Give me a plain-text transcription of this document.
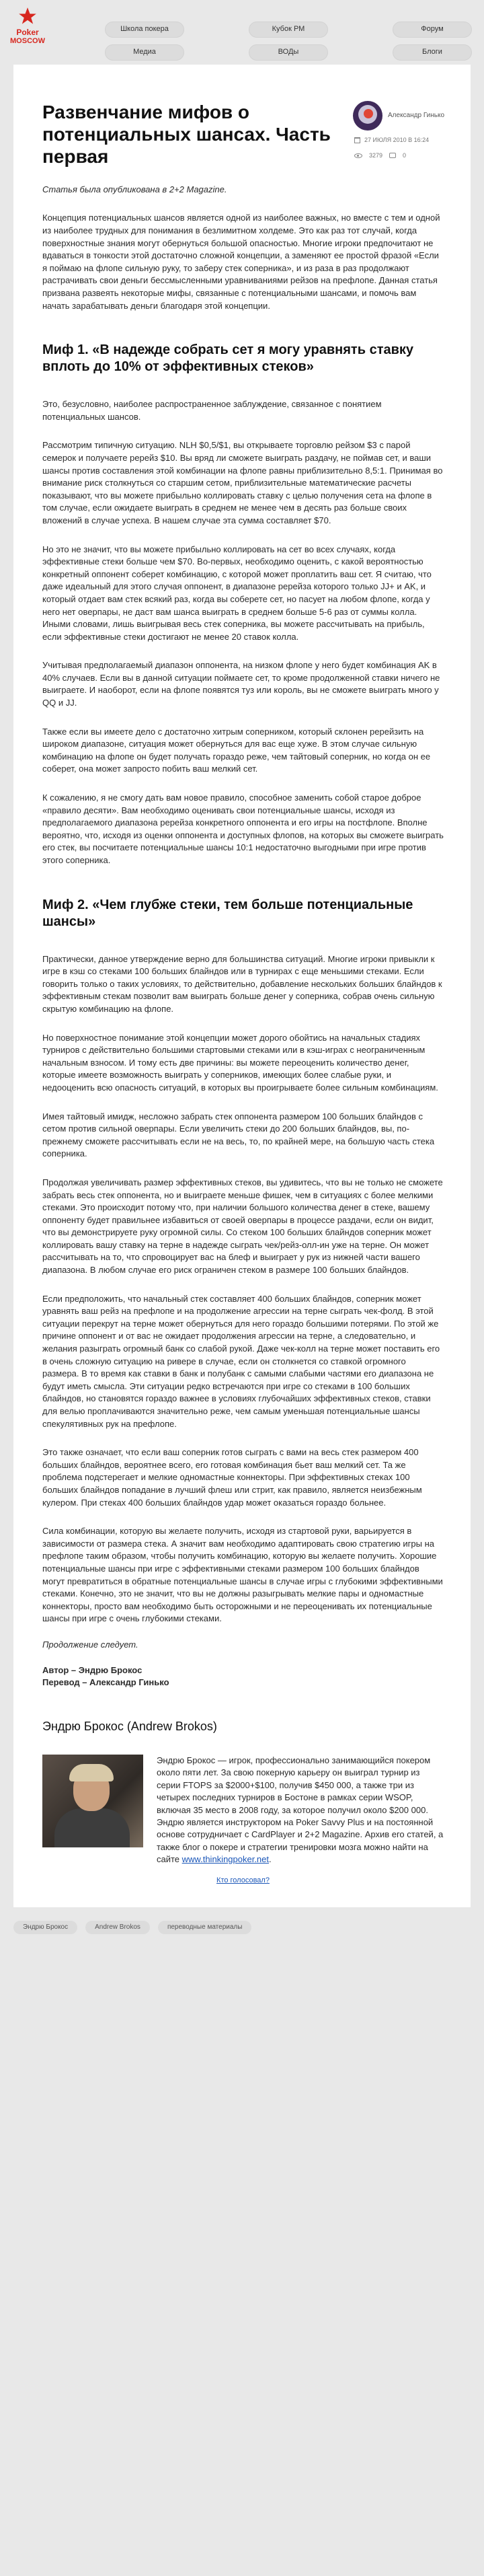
Poker
MOSCOW
Школа покера	Кубок РМ	Форум
Медиа	ВОДы	Блоги
Развенчание мифов о потенциальных шансах. Часть первая
Александр Гинько
27 ИЮЛЯ 2010 В 16:24
3279	0

Статья была опубликована в 2+2 Magazine.

Концепция потенциальных шансов является одной из наиболее важных, но вместе с тем и одной из наиболее трудных для понимания в безлимитном холдеме. Это как раз тот случай, когда поверхностные знания могут обернуться большой опасностью. Многие игроки предпочитают не вдаваться в тонкости этой достаточно сложной концепции, а заменяют ее простой фразой «Если я поймаю на флопе сильную руку, то заберу стек соперника», и из раза в раз продолжают растрачивать свои деньги бессмысленными уравниваниями рейзов на префлопе. Данная статья призвана развеять некоторые мифы, связанные с потенциальными шансами, и помочь вам начать зарабатывать деньги благодаря этой концепции.

Миф 1. «В надежде собрать сет я могу уравнять ставку вплоть до 10% от эффективных стеков»

Это, безусловно, наиболее распространенное заблуждение, связанное с понятием потенциальных шансов.

Рассмотрим типичную ситуацию. NLH $0,5/$1, вы открываете торговлю рейзом $3 с парой семерок и получаете ререйз $10. Вы вряд ли сможете выиграть раздачу, не поймав сет, и ваши шансы против составления этой комбинации на флопе равны приблизительно 8,5:1. Принимая во внимание риск столкнуться со старшим сетом, приблизительные математические расчеты показывают, что вы можете прибыльно коллировать ставку с целью получения сета на флопе в том случае, если ожидаете выиграть в среднем не менее чем в десять раз больше своих вложений в случае успеха. В нашем случае эта сумма составляет $70.

Но это не значит, что вы можете прибыльно коллировать на сет во всех случаях, когда эффективные стеки больше чем $70. Во-первых, необходимо оценить, с какой вероятностью конкретный оппонент соберет комбинацию, с которой может проплатить ваш сет. Я считаю, что даже идеальный для этого случая оппонент, в диапазоне ререйза которого только JJ+ и AK, и который отдает вам стек всякий раз, когда вы соберете сет, но пасует на любом флопе, когда у него нет оверпары, не даст вам шанса выиграть в среднем больше 5-6 раз от суммы колла. Иными словами, лишь выигрывая весь стек соперника, вы можете рассчитывать на прибыль, если эффективные стеки достигают не менее 20 ставок колла.

Учитывая предполагаемый диапазон оппонента, на низком флопе у него будет комбинация AK в 40% случаев. Если вы в данной ситуации поймаете сет, то кроме продолженной ставки ничего не выиграете. И наоборот, если на флопе появятся туз или король, вы не сможете выиграть много у QQ и JJ.

Также если вы имеете дело с достаточно хитрым соперником, который склонен ререйзить на широком диапазоне, ситуация может обернуться для вас еще хуже. В этом случае сильную комбинацию на флопе он будет получать гораздо реже, чем тайтовый соперник, но когда он ее соберет, она может запросто побить ваш мелкий сет.

К сожалению, я не смогу дать вам новое правило, способное заменить собой старое доброе «правило десяти». Вам необходимо оценивать свои потенциальные шансы, исходя из предполагаемого диапазона ререйза конкретного оппонента и его игры на постфлопе. Вполне вероятно, что, исходя из оценки оппонента и доступных флопов, на которых вы сможете выиграть его стек, вы посчитаете потенциальные шансы 10:1 недостаточно выгодными при игре против этого соперника.

Миф 2. «Чем глубже стеки, тем больше потенциальные шансы»

Практически, данное утверждение верно для большинства ситуаций. Многие игроки привыкли к игре в кэш со стеками 100 больших блайндов или в турнирах с еще меньшими стеками. Если говорить только о таких условиях, то действительно, добавление нескольких больших блайндов к эффективным стекам позволит вам выиграть больше денег у соперника, собрав очень сильную скрытую комбинацию на флопе.

Но поверхностное понимание этой концепции может дорого обойтись на начальных стадиях турниров с действительно большими стартовыми стеками или в кэш-играх с неограниченным начальным взносом. И тому есть две причины: вы можете переоценить количество денег, которые имеете возможность выиграть у соперников, имеющих более слабые руки, и недооценить всю опасность ситуаций, в которых вы проигрываете более сильным комбинациям.

Имея тайтовый имидж, несложно забрать стек оппонента размером 100 больших блайндов с сетом против сильной оверпары. Если увеличить стеки до 200 больших блайндов, вы, по-прежнему сможете рассчитывать если не на весь, то, по крайней мере, на большую часть стека соперника.

Продолжая увеличивать размер эффективных стеков, вы удивитесь, что вы не только не сможете забрать весь стек оппонента, но и выиграете меньше фишек, чем в ситуациях с более мелкими стеками. Это происходит потому что, при наличии большого количества денег в стеке, вашему оппоненту будет правильнее избавиться от своей оверпары в процессе раздачи, если он видит, что вы демонстрируете руку огромной силы. Со стеком 100 больших блайндов соперник может коллировать вашу ставку на терне в надежде сыграть чек/рейз-олл-ин уже на терне. Он может рассчитывать на то, что спровоцирует вас на блеф и выиграет у рук из нижней части вашего диапазона. В любом случае его риск ограничен стеком в размере 100 больших блайндов.

Если предположить, что начальный стек составляет 400 больших блайндов, соперник может уравнять ваш рейз на префлопе и на продолжение агрессии на терне сыграть чек-фолд. В этой ситуации перекрут на терне может обернуться для него гораздо большими потерями. По этой же причине оппонент и от вас не ожидает продолжения агрессии на терне, а следовательно, и желания разыграть огромный банк со слабой рукой. Даже чек-колл на терне может поставить его в очень сложную ситуацию на ривере в случае, если он столкнется со ставкой огромного размера. В то время как ставки в банк и полубанк с самыми слабыми частями его диапазона не будут иметь смысла. Эти ситуации редко встречаются при игре со стеками в 100 больших блайндов, но становятся гораздо важнее в условиях глубочайших эффективных стеков, ставки для велью проплачиваются значительно реже, чем самым уменьшая потенциальные шансы спекулятивных рук на префлопе.

Это также означает, что если ваш соперник готов сыграть с вами на весь стек размером 400 больших блайндов, вероятнее всего, его готовая комбинация бьет ваш мелкий сет. Та же проблема подстерегает и мелкие одномастные коннекторы. При эффективных стеках 100 больших блайндов попадание в лучший флеш или стрит, как правило, является неизбежным кулером. При стеках 400 больших блайндов удар может оказаться гораздо больнее.

Сила комбинации, которую вы желаете получить, исходя из стартовой руки, варьируется в зависимости от размера стека. А значит вам необходимо адаптировать свою стратегию игры на префлопе таким образом, чтобы получить комбинацию, которую вы желаете получить. Хорошие потенциальные шансы при игре с эффективными стеками размером 100 больших блайндов могут превратиться в обратные потенциальные шансы в случае игры с глубокими эффективными стеками. Конечно, это не значит, что вы не должны разыгрывать мелкие пары и одномастные коннекторы, просто вам необходимо быть осторожными и не переоценивать их потенциальные шансы при игре с очень глубокими стеками.

Продолжение следует.

Автор – Эндрю Брокос

Перевод – Александр Гинько

Эндрю Брокос (Andrew Brokos)
Эндрю Брокос — игрок, профессионально занимающийся покером около пяти лет. За свою покерную карьеру он выиграл турнир из серии FTOPS за $2000+$100, получив $450 000, а также три из четырех последних турниров в Бостоне в рамках серии WSOP, включая 35 место в 2008 году, за которое получил около $200 000. Эндрю является инструктором на Poker Savvy Plus и на постоянной основе сотрудничает с CardPlayer и 2+2 Magazine. Архив его статей, а также блог о покере и стратегии тренировки мозга можно найти на сайте www.thinkingpoker.net.
Кто голосовал?
Эндрю Брокос	Andrew Brokos	переводные материалы
